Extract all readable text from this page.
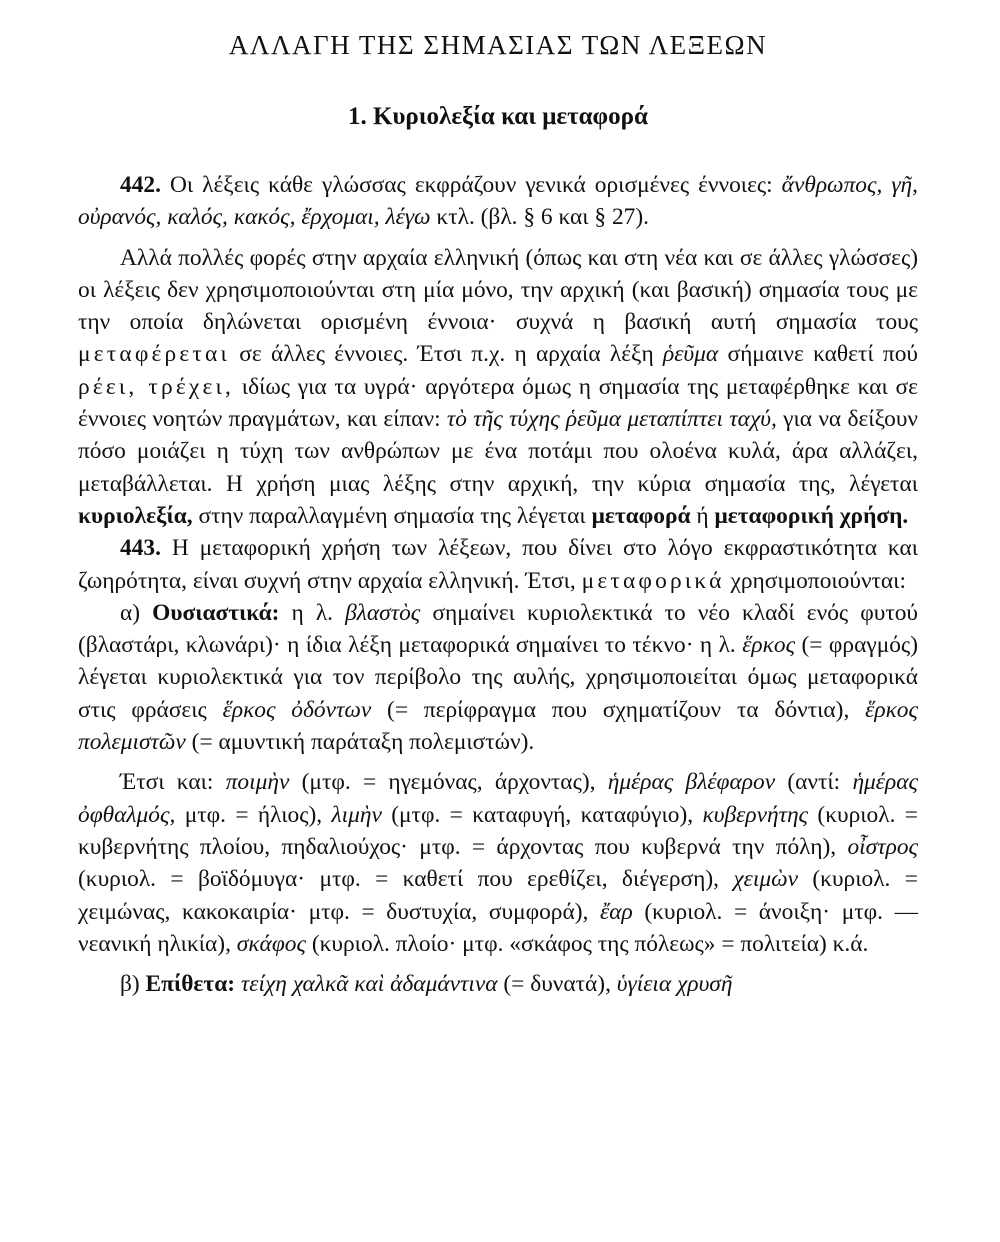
ΑΛΛΑΓΗ ΤΗΣ ΣΗΜΑΣΙΑΣ ΤΩΝ ΛΕΞΕΩΝ
1. Κυριολεξία και μεταφορά

442. Οι λέξεις κάθε γλώσσας εκφράζουν γενικά ορισμένες έννοιες: ἄνθρωπος, γῆ, οὐρανός, καλός, κακός, ἔρχομαι, λέγω κτλ. (βλ. § 6 και § 27).

Αλλά πολλές φορές στην αρχαία ελληνική (όπως και στη νέα και σε άλλες γλώσσες) οι λέξεις δεν χρησιμοποιούνται στη μία μόνο, την αρχική (και βασική) σημασία τους με την οποία δηλώνεται ορισμένη έννοια· συχνά η βασική αυτή σημασία τους μεταφέρεται σε άλλες έννοιες. Έτσι π.χ. η αρχαία λέξη ῥεῦμα σήμαινε καθετί πού ρέει, τρέχει, ιδίως για τα υγρά· αργότερα όμως η σημασία της μεταφέρθηκε και σε έννοιες νοητών πραγμάτων, και είπαν: τὸ τῆς τύχης ῥεῦμα μεταπίπτει ταχύ, για να δείξουν πόσο μοιάζει η τύχη των ανθρώπων με ένα ποτάμι που ολοένα κυλά, άρα αλλάζει, μεταβάλλεται. Η χρήση μιας λέξης στην αρχική, την κύρια σημασία της, λέγεται κυριολεξία, στην παραλλαγμένη σημασία της λέγεται μεταφορά ή μεταφορική χρήση.

443. Η μεταφορική χρήση των λέξεων, που δίνει στο λόγο εκφραστικότητα και ζωηρότητα, είναι συχνή στην αρχαία ελληνική. Έτσι, μεταφορικά χρησιμοποιούνται:

α) Ουσιαστικά: η λ. βλαστὸς σημαίνει κυριολεκτικά το νέο κλαδί ενός φυτού (βλαστάρι, κλωνάρι)· η ίδια λέξη μεταφορικά σημαίνει το τέκνο· η λ. ἕρκος (= φραγμός) λέγεται κυριολεκτικά για τον περίβολο της αυλής, χρησιμοποιείται όμως μεταφορικά στις φράσεις ἕρκος ὀδόντων (= περίφραγμα που σχηματίζουν τα δόντια), ἕρκος πολεμιστῶν (= αμυντική παράταξη πολεμιστών).

Έτσι και: ποιμὴν (μτφ. = ηγεμόνας, άρχοντας), ἡμέρας βλέφαρον (αντί: ἡμέρας ὀφθαλμός, μτφ. = ήλιος), λιμὴν (μτφ. = καταφυγή, καταφύγιο), κυβερνήτης (κυριολ. = κυβερνήτης πλοίου, πηδαλιούχος· μτφ. = άρχοντας που κυβερνά την πόλη), οἶστρος (κυριολ. = βοϊδόμυγα· μτφ. = καθετί που ερεθίζει, διέγερση), χειμὼν (κυριολ. = χειμώνας, κακοκαιρία· μτφ. = δυστυχία, συμφορά), ἔαρ (κυριολ. = άνοιξη· μτφ. — νεανική ηλικία), σκάφος (κυριολ. πλοίο· μτφ. «σκάφος της πόλεως» = πολιτεία) κ.ά.

β) Επίθετα: τείχη χαλκᾶ καὶ ἀδαμάντινα (= δυνατά), ὑγίεια χρυσῆ
